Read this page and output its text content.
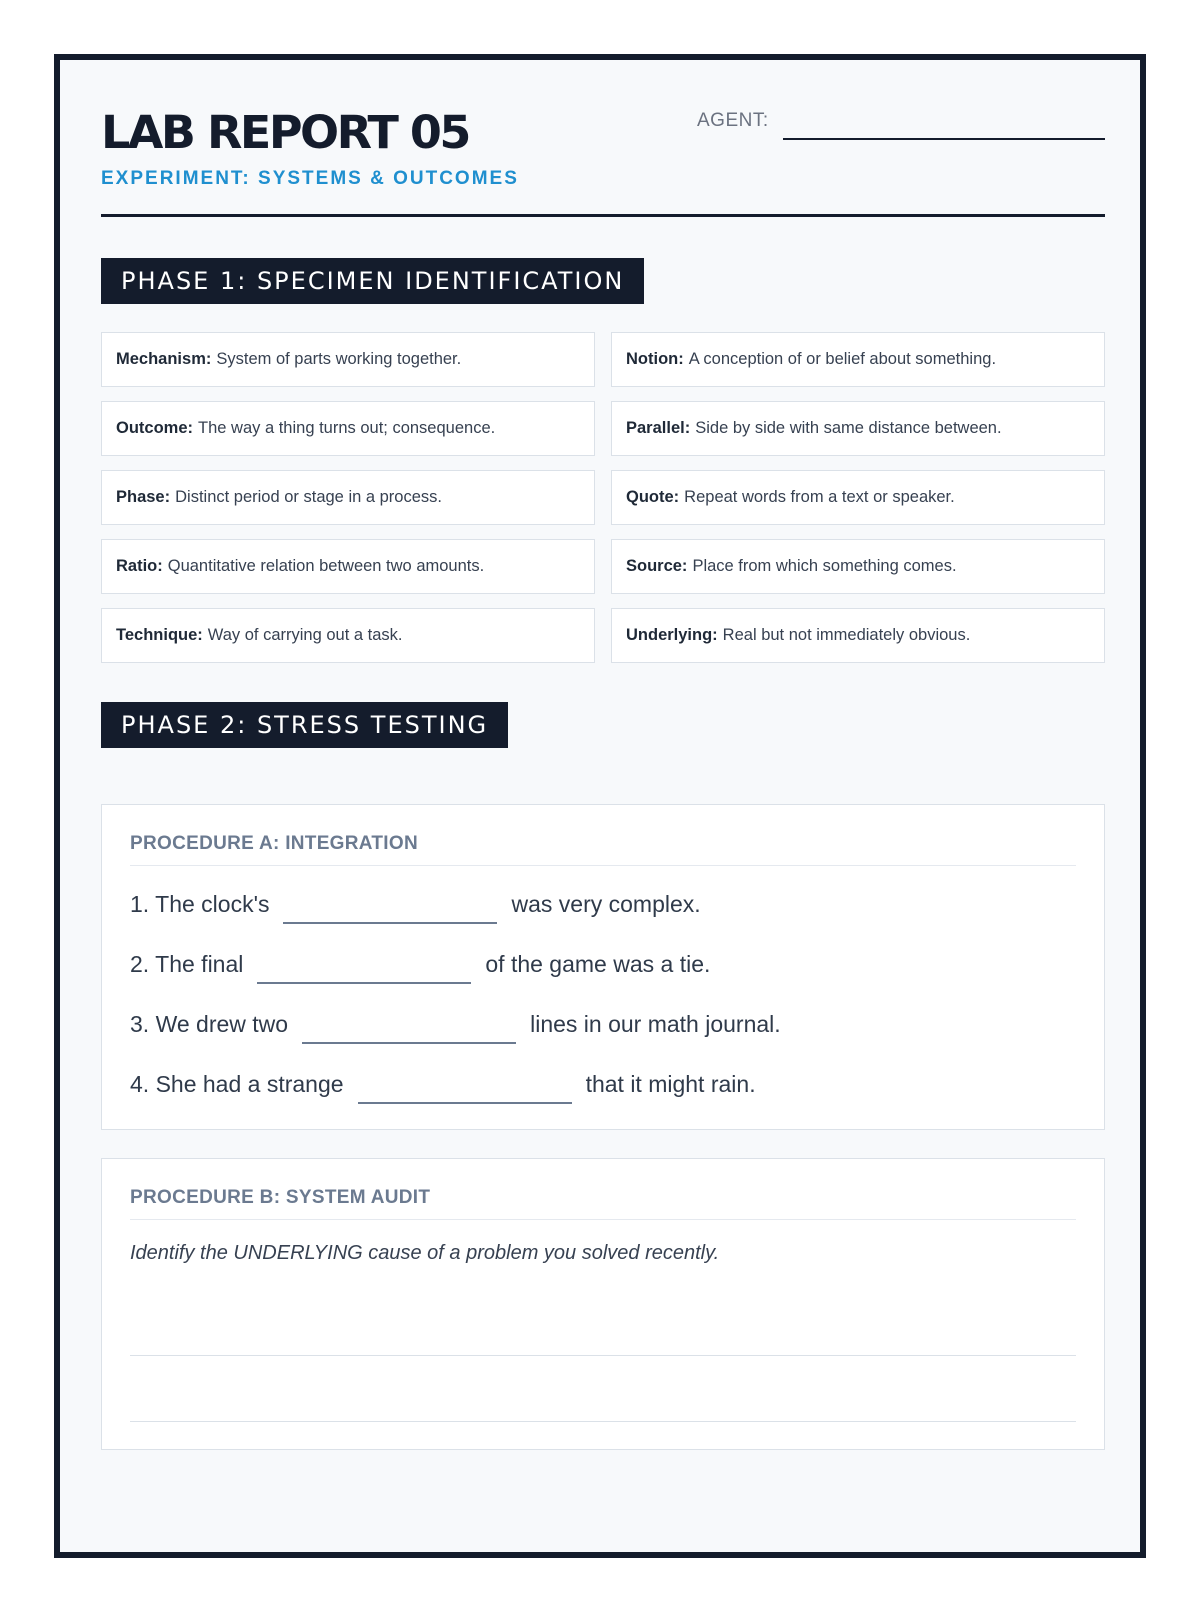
LAB REPORT 05
EXPERIMENT: SYSTEMS & OUTCOMES
AGENT:
PHASE 1: SPECIMEN IDENTIFICATION
Mechanism: System of parts working together.	Notion: A conception of or belief about something.
Outcome: The way a thing turns out; consequence.	Parallel: Side by side with same distance between.
Phase: Distinct period or stage in a process.	Quote: Repeat words from a text or speaker.
Ratio: Quantitative relation between two amounts.	Source: Place from which something comes.
Technique: Way of carrying out a task.	Underlying: Real but not immediately obvious.
PHASE 2: STRESS TESTING
PROCEDURE A: INTEGRATION
1. The clock's	was very complex.
2. The final	of the game was a tie.
3. We drew two	lines in our math journal.
4. She had a strange	that it might rain.
PROCEDURE B: SYSTEM AUDIT
Identify the UNDERLYING cause of a problem you solved recently.
